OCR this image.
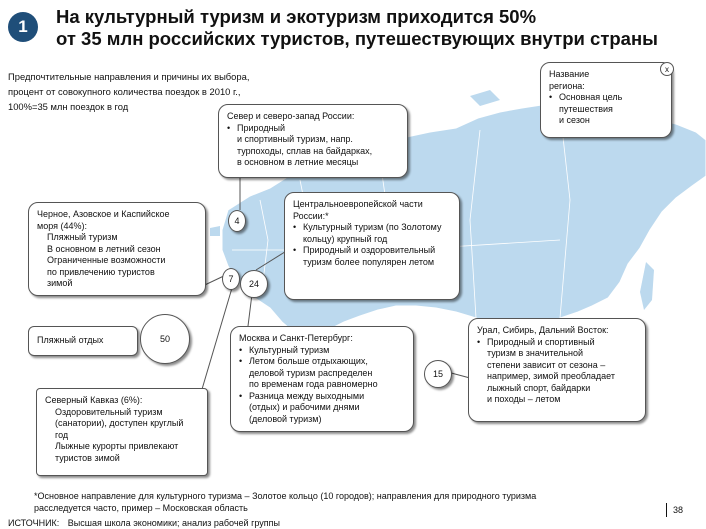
1 На культурный туризм и экотуризм приходится 50%
от 35 млн российских туристов, путешествующих внутри страны
Предпочтительные направления и причины их выбора,
процент от совокупного количества поездок в 2010 г.,
100%=35 млн поездок в год
Название
региона:
• Основная цель
путешествия
и сезон
x
Север и северо-запад России:
• Природный
и спортивный туризм, напр.
турпоходы, сплав на байдарках,
в основном в летние месяцы
4
Черное, Азовское и Каспийское
моря (44%):
Пляжный туризм
В основном в летний сезон
Ограниченные возможности
по привлечению туристов
зимой
Пляжный отдых	50
Центральноевропейской части
России:*
• Культурный туризм (по Золотому
кольцу) крупный год
• Природный и оздоровительный
туризм более популярен летом
7 24
Москва и Санкт-Петербург:
• Культурный туризм
• Летом больше отдыхающих,
деловой туризм распределен
по временам года равномерно
• Разница между выходными
(отдых) и рабочими днями
(деловой туризм)
Северный Кавказ (6%):
Оздоровительный туризм
(санатории), доступен круглый
год
Лыжные курорты привлекают
туристов зимой
15
Урал, Сибирь, Дальний Восток:
• Природный и спортивный
туризм в значительной
степени зависит от сезона –
например, зимой преобладает
лыжный спорт, байдарки
и походы – летом
*Основное направление для культурного туризма – Золотое кольцо (10 городов); направления для природного туризма
расследуется часто, пример – Московская область
ИСТОЧНИК: Высшая школа экономики; анализ рабочей группы
38
